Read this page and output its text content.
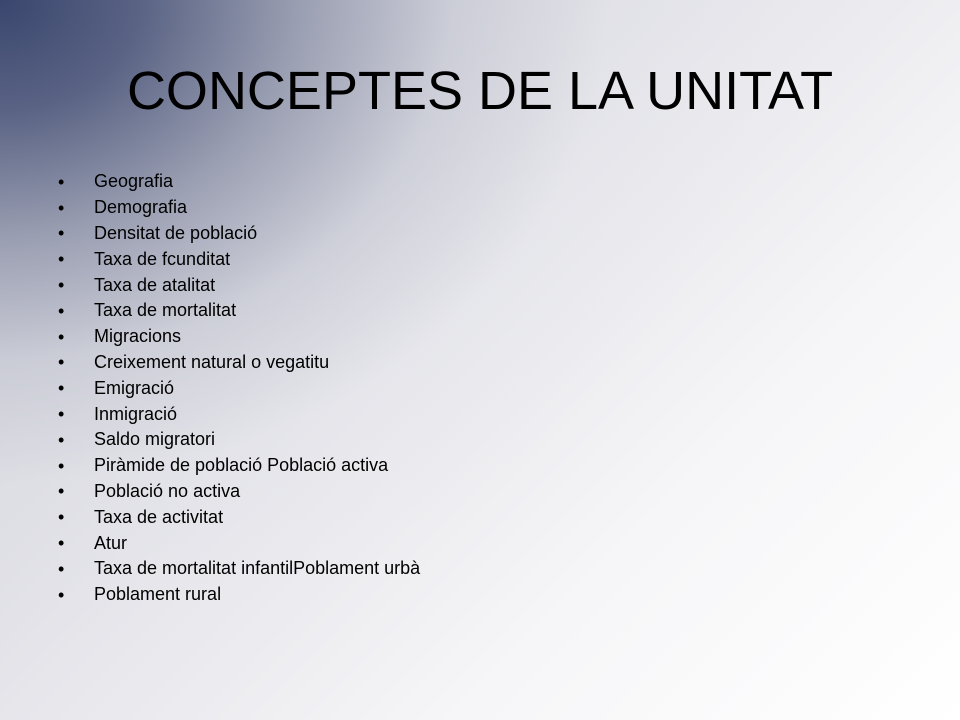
CONCEPTES DE LA UNITAT
•	Geografia
•	Demografia
•	Densitat de població
•	Taxa de fcunditat
•	Taxa de atalitat
•	Taxa de mortalitat
•	Migracions
•	Creixement natural o vegatitu
•	Emigració
•	Inmigració
•	Saldo migratori
•	Piràmide de població Població activa
•	Població no activa
•	Taxa de activitat
•	Atur
•	Taxa de mortalitat infantilPoblament urbà
•	Poblament rural
